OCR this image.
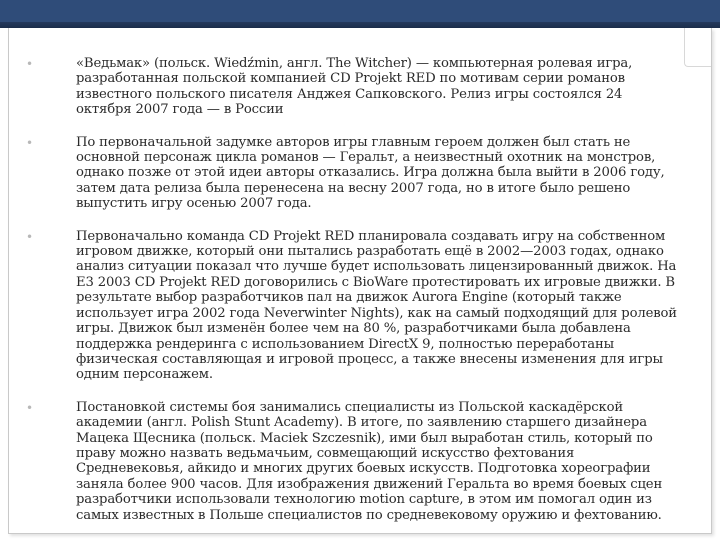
•	«Ведьмак» (польск. Wiedźmin, англ. The Witcher) — компьютерная ролевая игра, разработанная польской компанией CD Projekt RED по мотивам серии романов известного польского писателя Анджея Сапковского. Релиз игры состоялся 24 октября 2007 года — в России
•	По первоначальной задумке авторов игры главным героем должен был стать не основной персонаж цикла романов — Геральт, а неизвестный охотник на монстров, однако позже от этой идеи авторы отказались. Игра должна была выйти в 2006 году, затем дата релиза была перенесена на весну 2007 года, но в итоге было решено выпустить игру осенью 2007 года.
•	Первоначально команда CD Projekt RED планировала создавать игру на собственном игровом движке, который они пытались разработать ещё в 2002—2003 годах, однако анализ ситуации показал что лучше будет использовать лицензированный движок. На E3 2003 CD Projekt RED договорились с BioWare протестировать их игровые движки. В результате выбор разработчиков пал на движок Aurora Engine (который также использует игра 2002 года Neverwinter Nights), как на самый подходящий для ролевой игры. Движок был изменён более чем на 80 %, разработчиками была добавлена поддержка рендеринга с использованием DirectX 9, полностью переработаны физическая составляющая и игровой процесс, а также внесены изменения для игры одним персонажем.
•	Постановкой системы боя занимались специалисты из Польской каскадёрской академии (англ. Polish Stunt Academy). В итоге, по заявлению старшего дизайнера Мацека Щесника (польск. Maciek Szczesnik), ими был выработан стиль, который по праву можно назвать ведьмачьим, совмещающий искусство фехтования Средневековья, айкидо и многих других боевых искусств. Подготовка хореографии заняла более 900 часов. Для изображения движений Геральта во время боевых сцен разработчики использовали технологию motion capture, в этом им помогал один из самых известных в Польше специалистов по средневековому оружию и фехтованию.
